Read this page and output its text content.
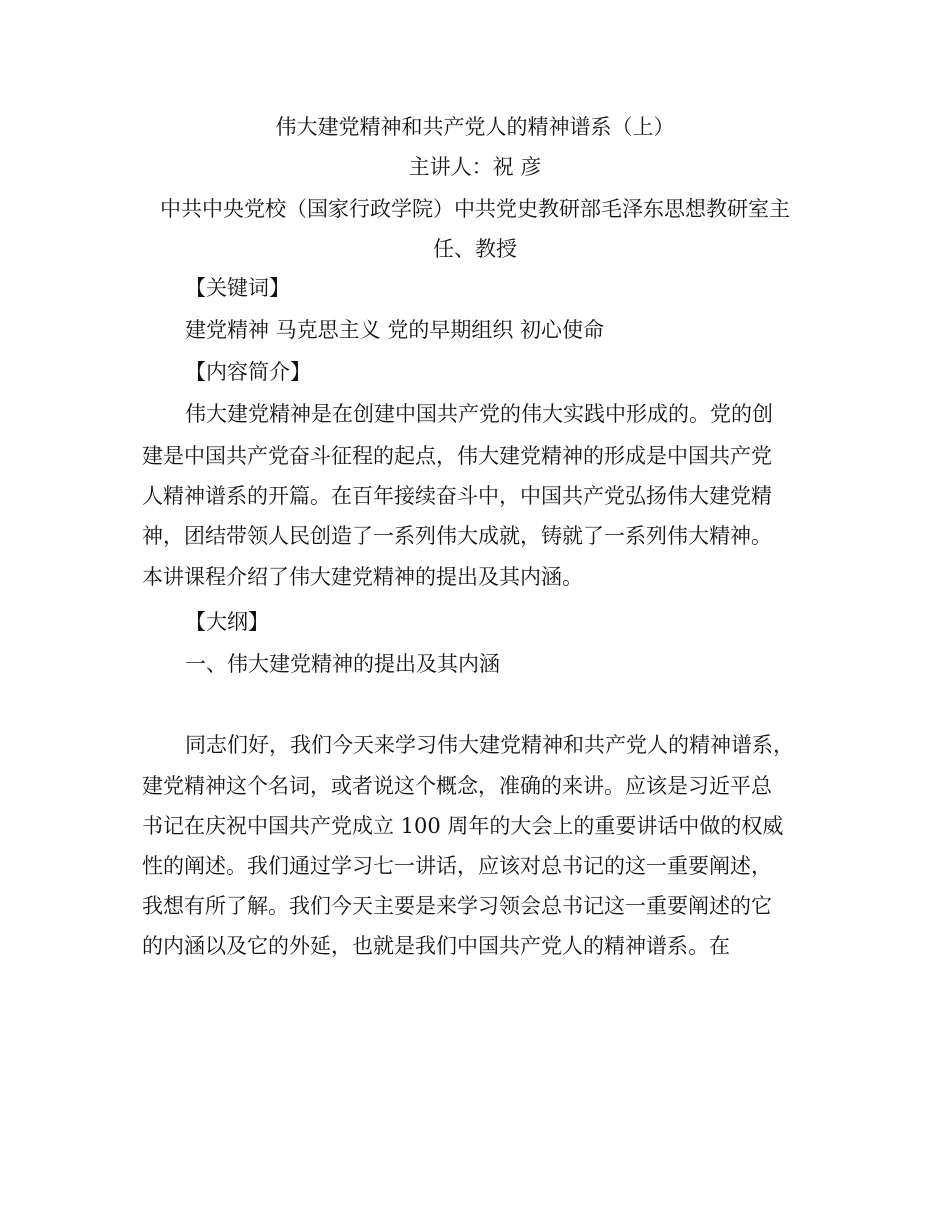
伟大建党精神和共产党人的精神谱系（上）
主讲人：祝 彦
中共中央党校（国家行政学院）中共党史教研部毛泽东思想教研室主
任、教授
【关键词】
建党精神 马克思主义 党的早期组织 初心使命
【内容简介】
伟大建党精神是在创建中国共产党的伟大实践中形成的。党的创
建是中国共产党奋斗征程的起点，伟大建党精神的形成是中国共产党
人精神谱系的开篇。在百年接续奋斗中，中国共产党弘扬伟大建党精
神，团结带领人民创造了一系列伟大成就，铸就了一系列伟大精神。
本讲课程介绍了伟大建党精神的提出及其内涵。
【大纲】
一、伟大建党精神的提出及其内涵
同志们好，我们今天来学习伟大建党精神和共产党人的精神谱系，
建党精神这个名词，或者说这个概念，准确的来讲。应该是习近平总
书记在庆祝中国共产党成立 100 周年的大会上的重要讲话中做的权威
性的阐述。我们通过学习七一讲话，应该对总书记的这一重要阐述，
我想有所了解。我们今天主要是来学习领会总书记这一重要阐述的它
的内涵以及它的外延，也就是我们中国共产党人的精神谱系。在
